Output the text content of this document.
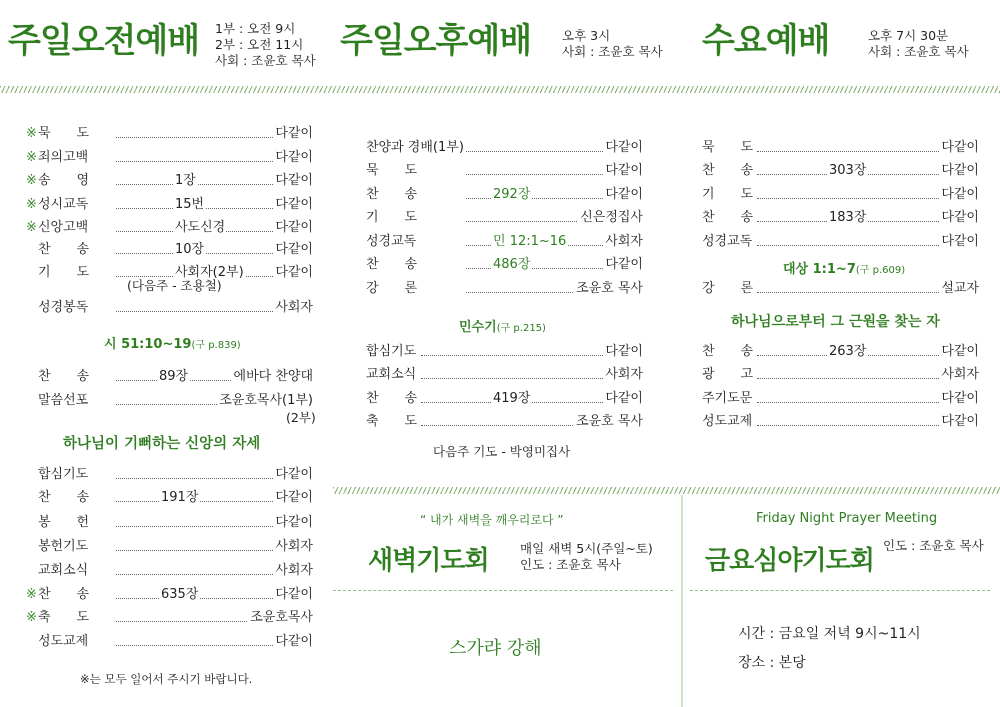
주일오전예배 1부 : 오전 9시
2부 : 오전 11시
사회 : 조윤호 목사 주일오후예배 오후 3시
사회 : 조윤호 목사 수요예배	오후 7시 30분
사회 : 조윤호 목사
※ 묵　　도	다같이
※ 죄의고백	다같이
※ 송　　영	1장	다같이
※ 성시교독	15번	다같이
※ 신앙고백	사도신경	다같이
찬　　송	10장	다같이
기　　도	사회자(2부) 다같이
성경봉독	사회자
찬　　송	89장	에바다 찬양대
말씀선포	조윤호목사(1부)
합심기도	다같이
찬　　송	191장	다같이
봉　　헌	다같이
봉헌기도	사회자
교회소식	사회자
※ 찬　　송	635장	다같이
※ 축　　도	조윤호목사
성도교제	다같이
찬양과 경배(1부)	다같이
묵　　도	다같이
찬　　송	292장	다같이
기　　도	신은정집사
성경교독	민 12:1~16	사회자
찬　　송	486장	다같이
강　　론	조윤호 목사
합심기도	다같이
교회소식	사회자
찬　　송	419장	다같이
축　　도	조윤호 목사
묵　　도	다같이
찬　　송	303장	다같이
기　　도	다같이
찬　　송	183장	다같이
성경교독	다같이
강　　론	설교자
찬　　송	263장	다같이
광　　고	사회자
주기도문	다같이
성도교제	다같이
(다음주 - 조용철)
시 51:10~19(구 p.839)
(2부)
하나님이 기뻐하는 신앙의 자세
※는 모두 일어서 주시기 바랍니다.
민수기(구 p.215)
다음주 기도 - 박영미집사
대상 1:1~7(구 p.609)
하나님으로부터 그 근원을 찾는 자
“ 내가 새벽을 깨우리로다 ”
새벽기도회	매일 새벽 5시(주일~토)
인도 : 조윤호 목사
스가랴 강해
Friday Night Prayer Meeting
금요심야기도회
인도 : 조윤호 목사
시간 : 금요일 저녁 9시~11시
장소 : 본당
